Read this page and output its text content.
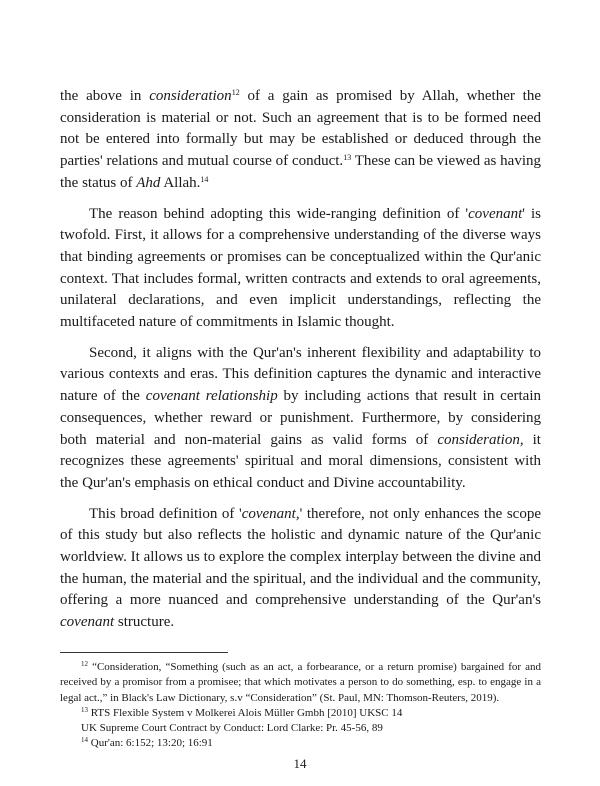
the above in consideration$^{12}$ of a gain as promised by Allah, whether the consideration is material or not. Such an agreement that is to be formed need not be entered into formally but may be established or deduced through the parties' relations and mutual course of conduct.$^{13}$ These can be viewed as having the status of Ahd Allah.$^{14}$

The reason behind adopting this wide-ranging definition of 'covenant' is twofold. First, it allows for a comprehensive understanding of the diverse ways that binding agreements or promises can be conceptualized within the Qur'anic context. That includes formal, written contracts and extends to oral agreements, unilateral declarations, and even implicit understandings, reflecting the multifaceted nature of commitments in Islamic thought.

Second, it aligns with the Qur'an's inherent flexibility and adaptability to various contexts and eras. This definition captures the dynamic and interactive nature of the covenant relationship by including actions that result in certain consequences, whether reward or punishment. Furthermore, by considering both material and non-material gains as valid forms of consideration, it recognizes these agreements' spiritual and moral dimensions, consistent with the Qur'an's emphasis on ethical conduct and Divine accountability.

This broad definition of 'covenant,' therefore, not only enhances the scope of this study but also reflects the holistic and dynamic nature of the Qur'anic worldview. It allows us to explore the complex interplay between the divine and the human, the material and the spiritual, and the individual and the community, offering a more nuanced and comprehensive understanding of the Qur'an's covenant structure.

$^{12}$ “Consideration, “Something (such as an act, a forbearance, or a return promise) bargained for and received by a promisor from a promisee; that which motivates a person to do something, esp. to engage in a legal act.,” in Black's Law Dictionary, s.v “Consideration” (St. Paul, MN: Thomson-Reuters, 2019).

$^{13}$ RTS Flexible System v Molkerei Alois Müller Gmbh [2010] UKSC 14

UK Supreme Court Contract by Conduct: Lord Clarke: Pr. 45-56, 89

$^{14}$ Qur'an: 6:152; 13:20; 16:91

14
